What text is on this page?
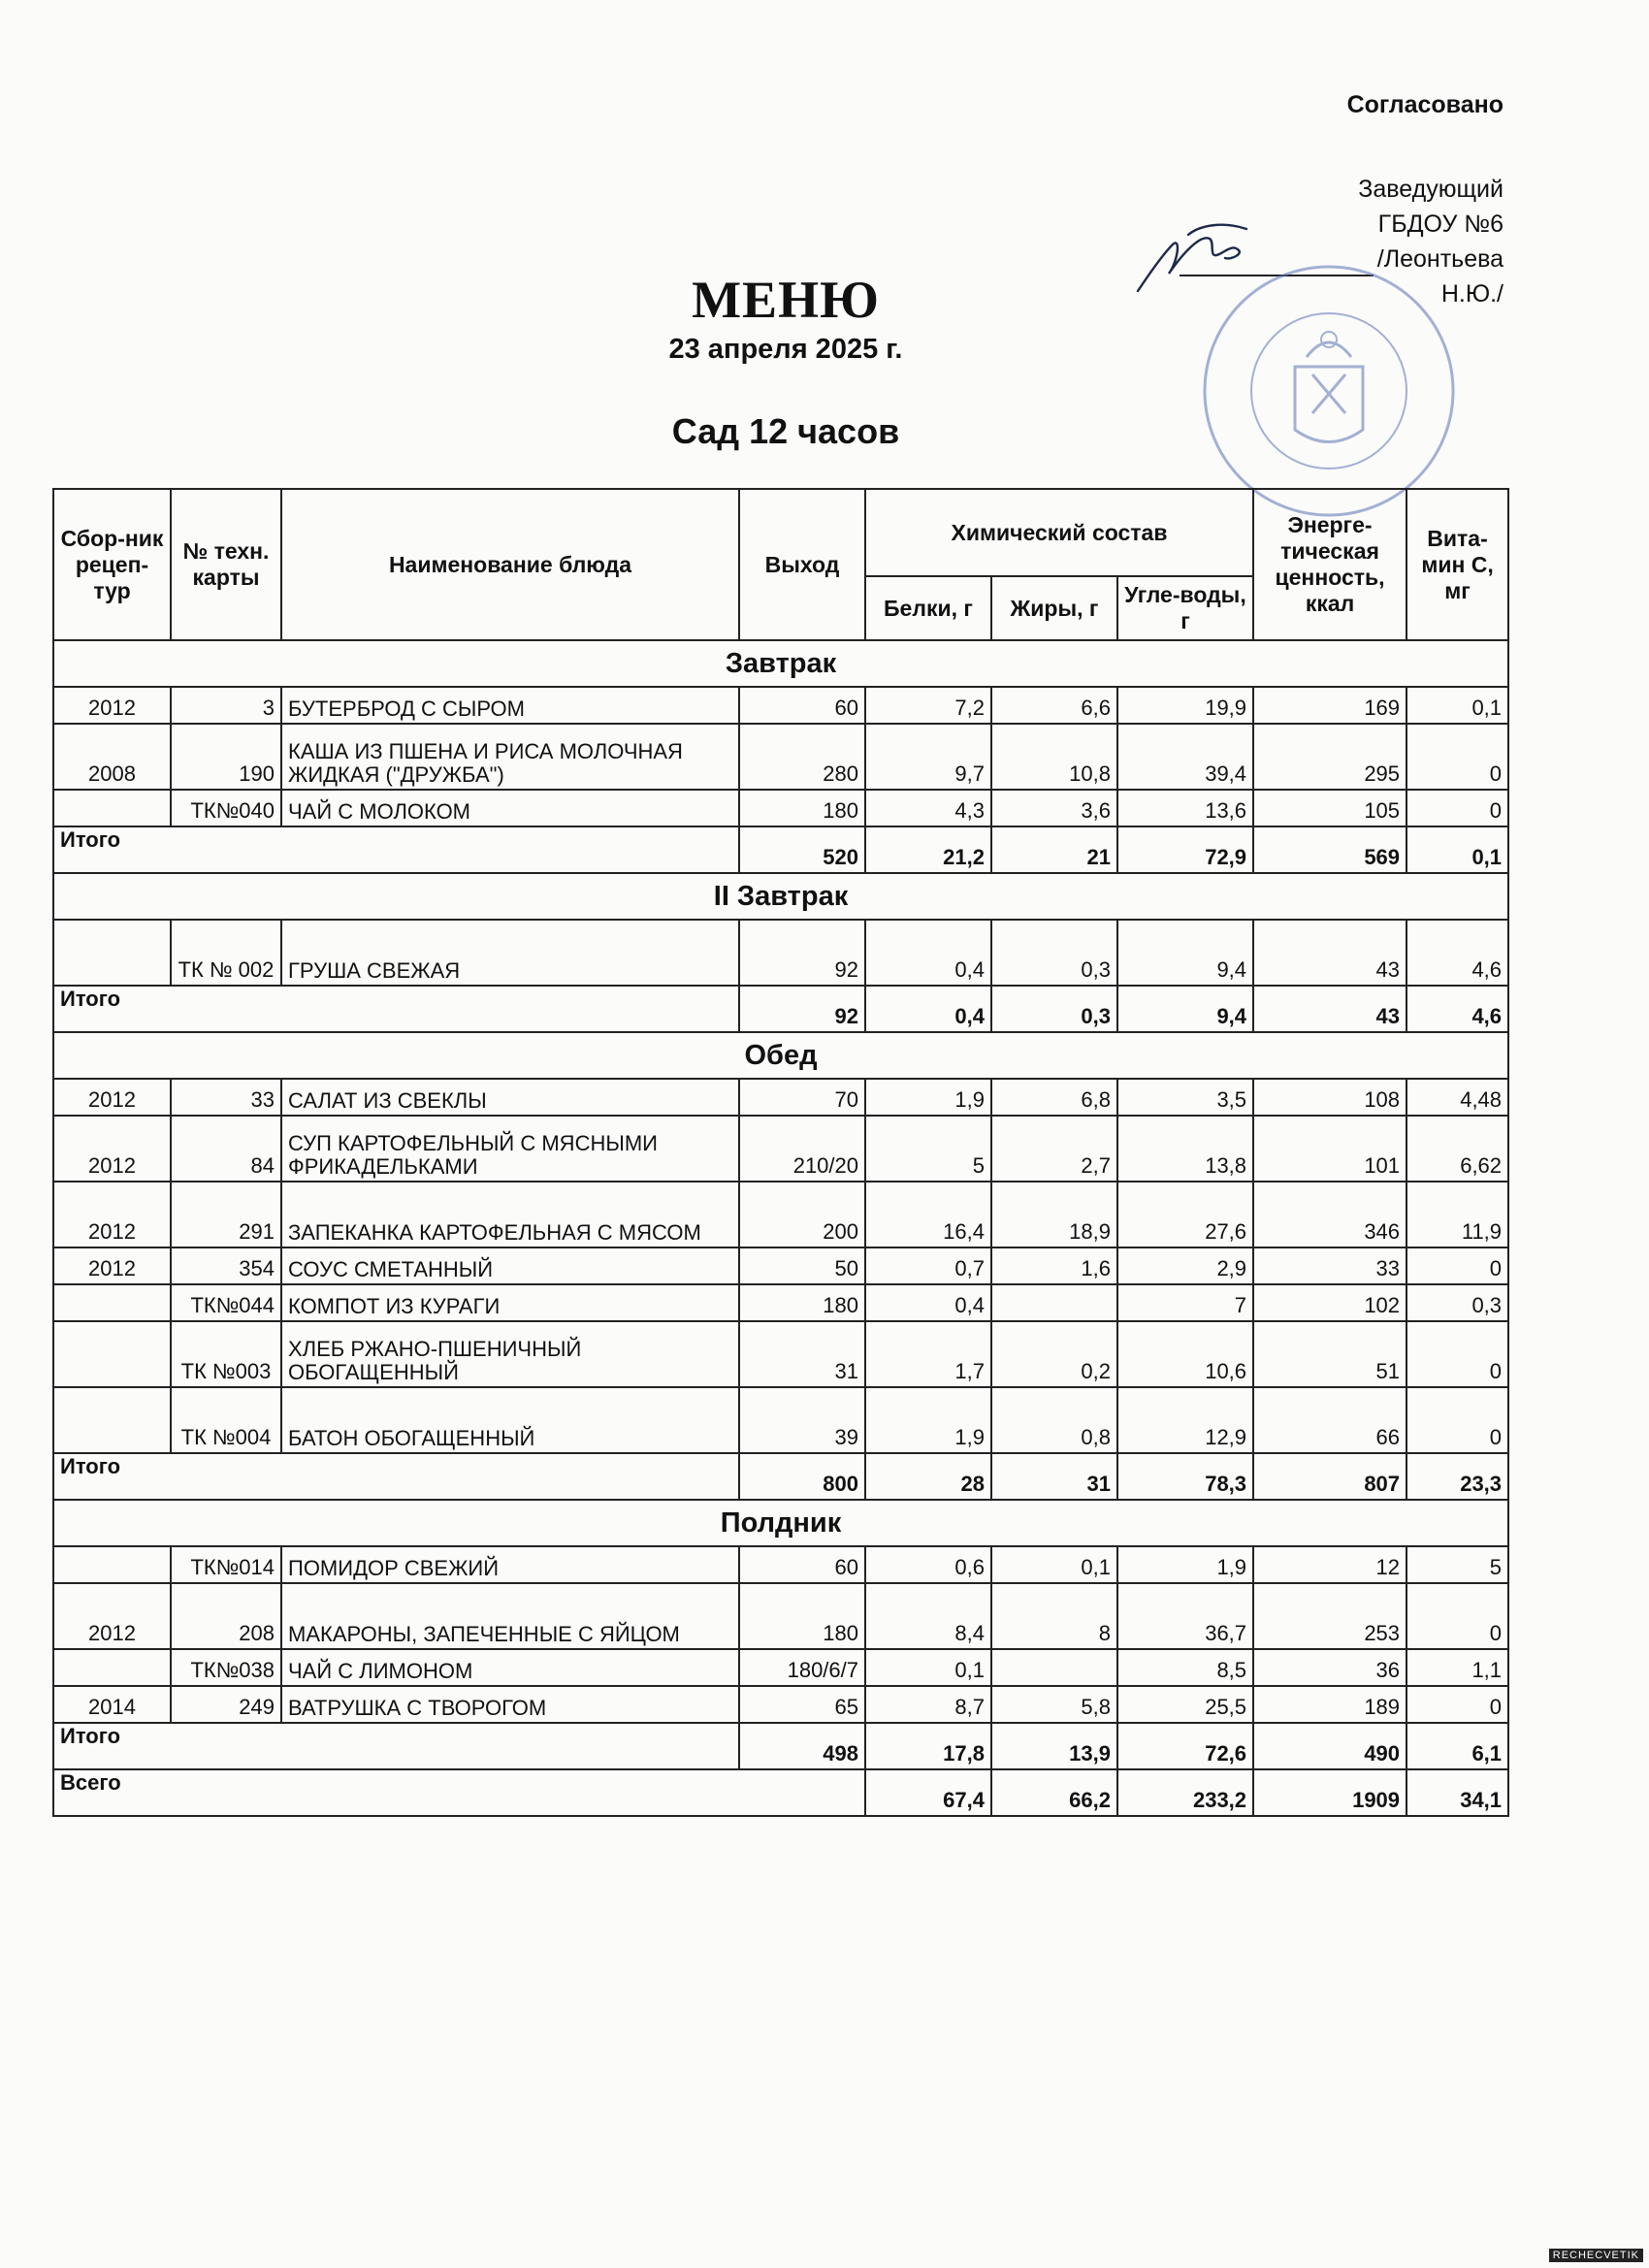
Согласовано
Заведующий
ГБДОУ №6
/Леонтьева Н.Ю./
МЕНЮ
23 апреля 2025 г.
Сад 12 часов
Сбор-ник рецеп-тур	№ техн. карты	Наименование блюда	Выход	Химический состав			Энерге-тическая ценность, ккал	Вита-мин С, мг
				Белки, г	Жиры, г	Угле-воды, г		
Завтрак								
2012	3	БУТЕРБРОД С СЫРОМ	60	7,2	6,6	19,9	169	0,1
2008	190	КАША ИЗ ПШЕНА И РИСА МОЛОЧНАЯ ЖИДКАЯ ("ДРУЖБА")	280	9,7	10,8	39,4	295	0
	ТК№040	ЧАЙ С МОЛОКОМ	180	4,3	3,6	13,6	105	0
Итого			520	21,2	21	72,9	569	0,1
II Завтрак								
	ТК № 002	ГРУША СВЕЖАЯ	92	0,4	0,3	9,4	43	4,6
Итого			92	0,4	0,3	9,4	43	4,6
Обед								
2012	33	САЛАТ ИЗ СВЕКЛЫ	70	1,9	6,8	3,5	108	4,48
2012	84	СУП КАРТОФЕЛЬНЫЙ С МЯСНЫМИ ФРИКАДЕЛЬКАМИ	210/20	5	2,7	13,8	101	6,62
2012	291	ЗАПЕКАНКА КАРТОФЕЛЬНАЯ С МЯСОМ	200	16,4	18,9	27,6	346	11,9
2012	354	СОУС СМЕТАННЫЙ	50	0,7	1,6	2,9	33	0
	ТК№044	КОМПОТ ИЗ КУРАГИ	180	0,4		7	102	0,3
	ТК №003	ХЛЕБ РЖАНО-ПШЕНИЧНЫЙ ОБОГАЩЕННЫЙ	31	1,7	0,2	10,6	51	0
	ТК №004	БАТОН ОБОГАЩЕННЫЙ	39	1,9	0,8	12,9	66	0
Итого			800	28	31	78,3	807	23,3
Полдник								
	ТК№014	ПОМИДОР СВЕЖИЙ	60	0,6	0,1	1,9	12	5
2012	208	МАКАРОНЫ, ЗАПЕЧЕННЫЕ С ЯЙЦОМ	180	8,4	8	36,7	253	0
	ТК№038	ЧАЙ С ЛИМОНОМ	180/6/7	0,1		8,5	36	1,1
2014	249	ВАТРУШКА С ТВОРОГОМ	65	8,7	5,8	25,5	189	0
Итого			498	17,8	13,9	72,6	490	6,1
Всего				67,4	66,2	233,2	1909	34,1
RECHECVETIK
